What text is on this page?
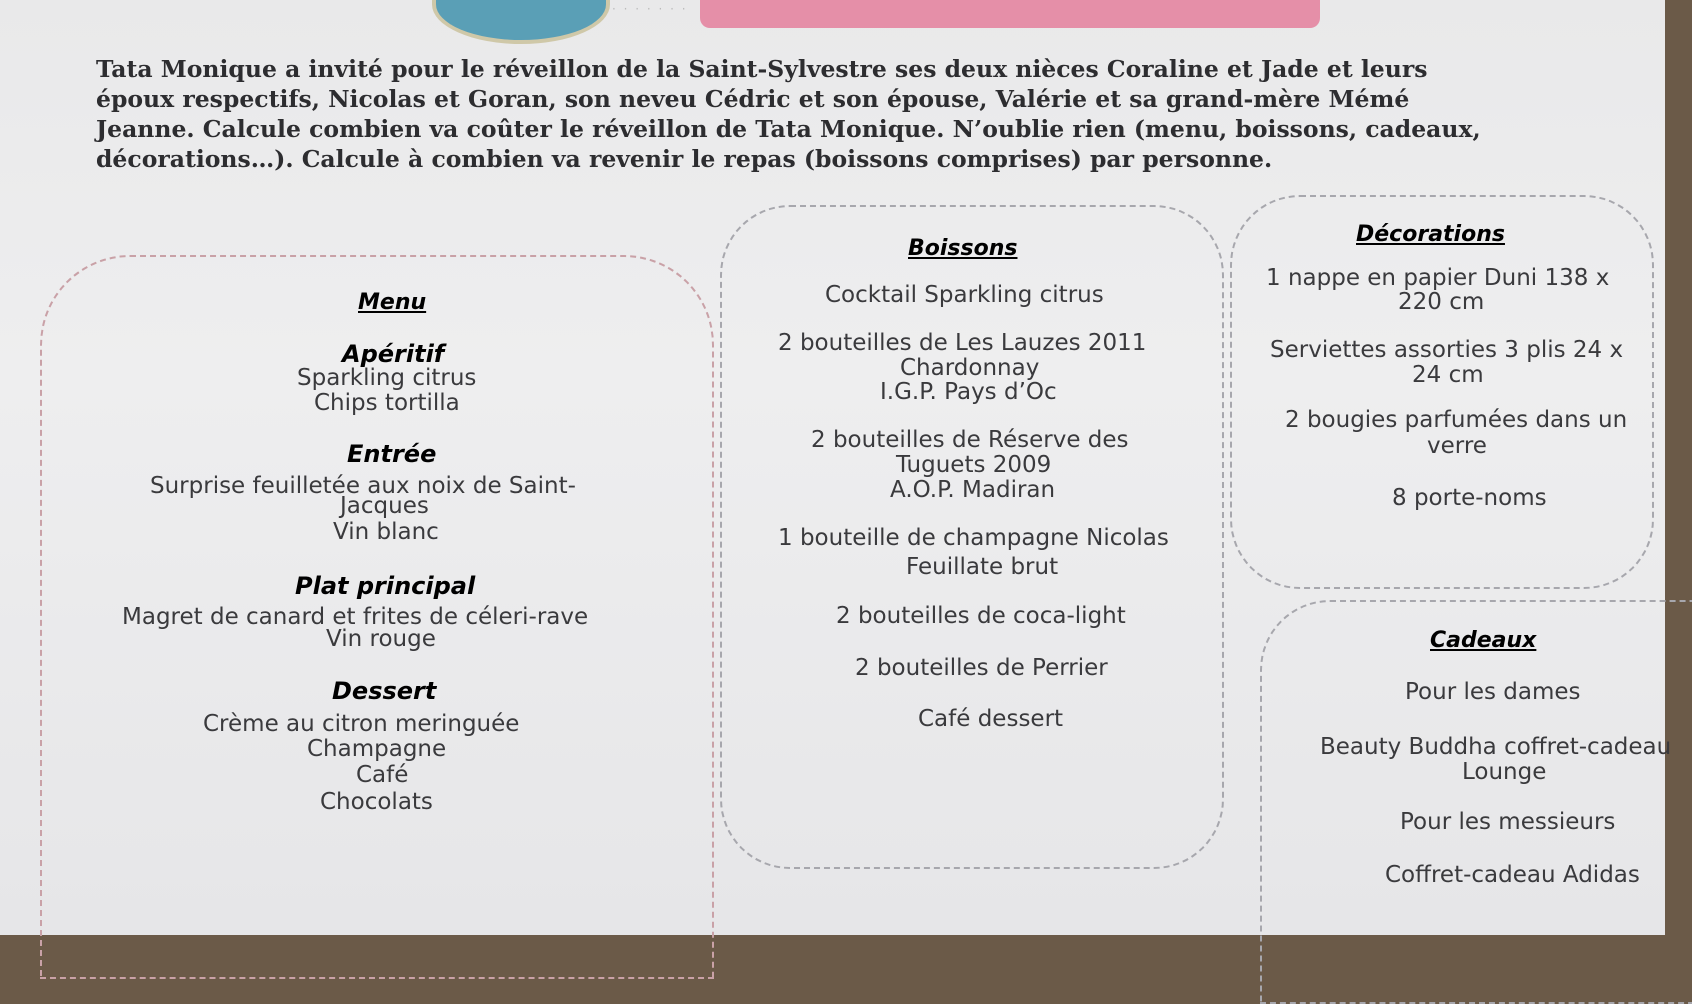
· · · · · · ·
Tata Monique a invité pour le réveillon de la Saint-Sylvestre ses deux nièces Coraline et Jade et leurs
époux respectifs, Nicolas et Goran, son neveu Cédric et son épouse, Valérie et sa grand-mère Mémé
Jeanne. Calcule combien va coûter le réveillon de Tata Monique. N’oublie rien (menu, boissons, cadeaux,
décorations…). Calcule à combien va revenir le repas (boissons comprises) par personne.
Menu
Apéritif
Sparkling citrus
Chips tortilla
Entrée
Surprise feuilletée aux noix de Saint-
Jacques
Vin blanc
Plat principal
Magret de canard et frites de céleri-rave
Vin rouge
Dessert
Crème au citron meringuée
Champagne
Café
Chocolats
Boissons
Cocktail Sparkling citrus
2 bouteilles de Les Lauzes 2011
Chardonnay
I.G.P. Pays d’Oc
2 bouteilles de Réserve des
Tuguets 2009
A.O.P. Madiran
1 bouteille de champagne Nicolas
Feuillate brut
2 bouteilles de coca-light
2 bouteilles de Perrier
Café dessert
Décorations
1 nappe en papier Duni 138 x
220 cm
Serviettes assorties 3 plis 24 x
24 cm
2 bougies parfumées dans un
verre
8 porte-noms
Cadeaux
Pour les dames
Beauty Buddha coffret-cadeau
Lounge
Pour les messieurs
Coffret-cadeau Adidas
